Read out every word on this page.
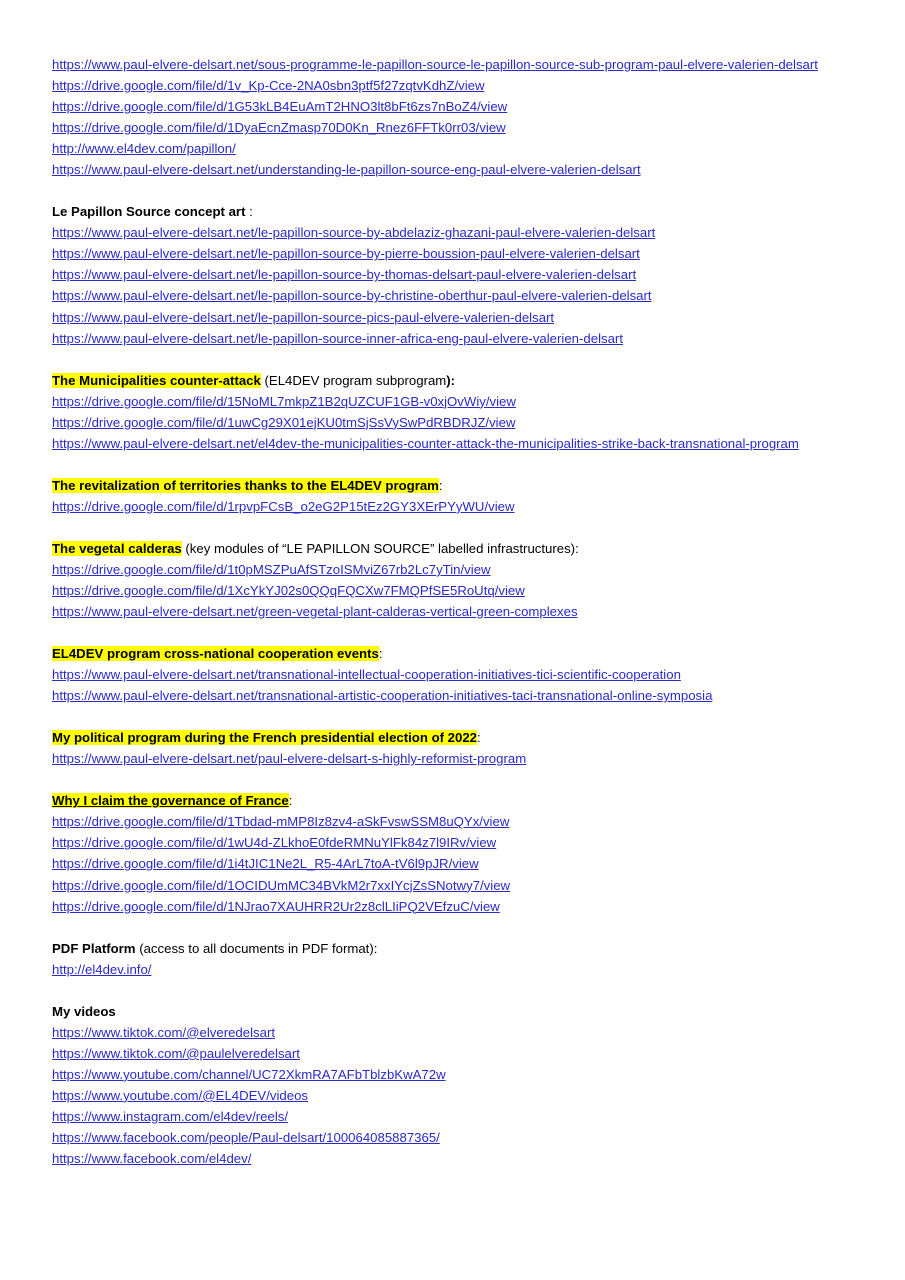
https://www.paul-elvere-delsart.net/sous-programme-le-papillon-source-le-papillon-source-sub-program-paul-elvere-valerien-delsart
https://drive.google.com/file/d/1v_Kp-Cce-2NA0sbn3ptf5f27zqtvKdhZ/view
https://drive.google.com/file/d/1G53kLB4EuAmT2HNO3lt8bFt6zs7nBoZ4/view
https://drive.google.com/file/d/1DyaEcnZmasp70D0Kn_Rnez6FFTk0rr03/view
http://www.el4dev.com/papillon/
https://www.paul-elvere-delsart.net/understanding-le-papillon-source-eng-paul-elvere-valerien-delsart

Le Papillon Source concept art :

https://www.paul-elvere-delsart.net/le-papillon-source-by-abdelaziz-ghazani-paul-elvere-valerien-delsart
https://www.paul-elvere-delsart.net/le-papillon-source-by-pierre-boussion-paul-elvere-valerien-delsart
https://www.paul-elvere-delsart.net/le-papillon-source-by-thomas-delsart-paul-elvere-valerien-delsart
https://www.paul-elvere-delsart.net/le-papillon-source-by-christine-oberthur-paul-elvere-valerien-delsart
https://www.paul-elvere-delsart.net/le-papillon-source-pics-paul-elvere-valerien-delsart
https://www.paul-elvere-delsart.net/le-papillon-source-inner-africa-eng-paul-elvere-valerien-delsart

The Municipalities counter-attack (EL4DEV program subprogram):

https://drive.google.com/file/d/15NoML7mkpZ1B2qUZCUF1GB-v0xjOvWiy/view
https://drive.google.com/file/d/1uwCg29X01ejKU0tmSjSsVySwPdRBDRJZ/view
https://www.paul-elvere-delsart.net/el4dev-the-municipalities-counter-attack-the-municipalities-strike-back-transnational-program

The revitalization of territories thanks to the EL4DEV program:

https://drive.google.com/file/d/1rpvpFCsB_o2eG2P15tEz2GY3XErPYyWU/view

The vegetal calderas (key modules of “LE PAPILLON SOURCE” labelled infrastructures):

https://drive.google.com/file/d/1t0pMSZPuAfSTzoISMviZ67rb2Lc7yTin/view
https://drive.google.com/file/d/1XcYkYJ02s0QQqFQCXw7FMQPfSE5RoUtq/view
https://www.paul-elvere-delsart.net/green-vegetal-plant-calderas-vertical-green-complexes

EL4DEV program cross-national cooperation events:

https://www.paul-elvere-delsart.net/transnational-intellectual-cooperation-initiatives-tici-scientific-cooperation
https://www.paul-elvere-delsart.net/transnational-artistic-cooperation-initiatives-taci-transnational-online-symposia

My political program during the French presidential election of 2022:

https://www.paul-elvere-delsart.net/paul-elvere-delsart-s-highly-reformist-program

Why I claim the governance of France:

https://drive.google.com/file/d/1Tbdad-mMP8Iz8zv4-aSkFvswSSM8uQYx/view
https://drive.google.com/file/d/1wU4d-ZLkhoE0fdeRMNuYlFk84z7l9IRv/view
https://drive.google.com/file/d/1i4tJIC1Ne2L_R5-4ArL7toA-tV6l9pJR/view
https://drive.google.com/file/d/1OCIDUmMC34BVkM2r7xxIYcjZsSNotwy7/view
https://drive.google.com/file/d/1NJrao7XAUHRR2Ur2z8clLIiPQ2VEfzuC/view

PDF Platform (access to all documents in PDF format):

http://el4dev.info/

My videos

https://www.tiktok.com/@elveredelsart
https://www.tiktok.com/@paulelveredelsart
https://www.youtube.com/channel/UC72XkmRA7AFbTblzbKwA72w
https://www.youtube.com/@EL4DEV/videos
https://www.instagram.com/el4dev/reels/
https://www.facebook.com/people/Paul-delsart/100064085887365/
https://www.facebook.com/el4dev/
